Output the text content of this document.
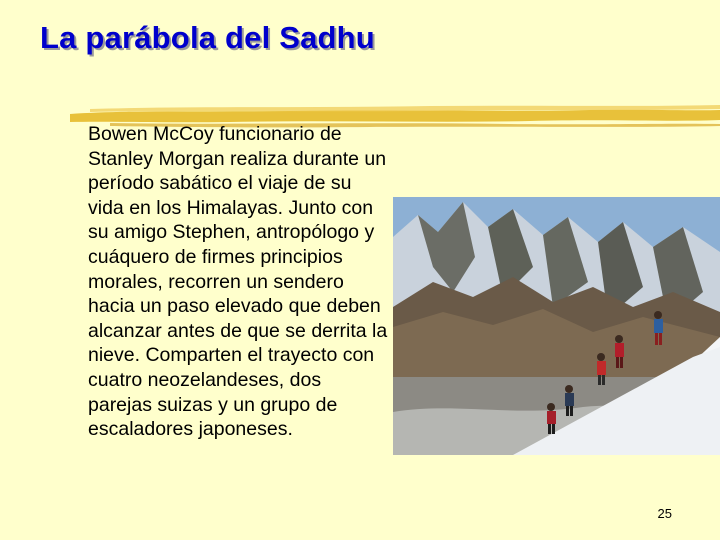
La parábola del Sadhu

Bowen McCoy funcionario de Stanley Morgan realiza durante un período sabático el viaje de su vida en los Himalayas. Junto con su amigo Stephen, antropólogo y cuáquero de firmes principios morales, recorren un sendero hacia un paso elevado que deben alcanzar antes de que se derrita la nieve. Comparten el trayecto con cuatro neozelandeses, dos parejas suizas y un grupo de escaladores japoneses.

25
